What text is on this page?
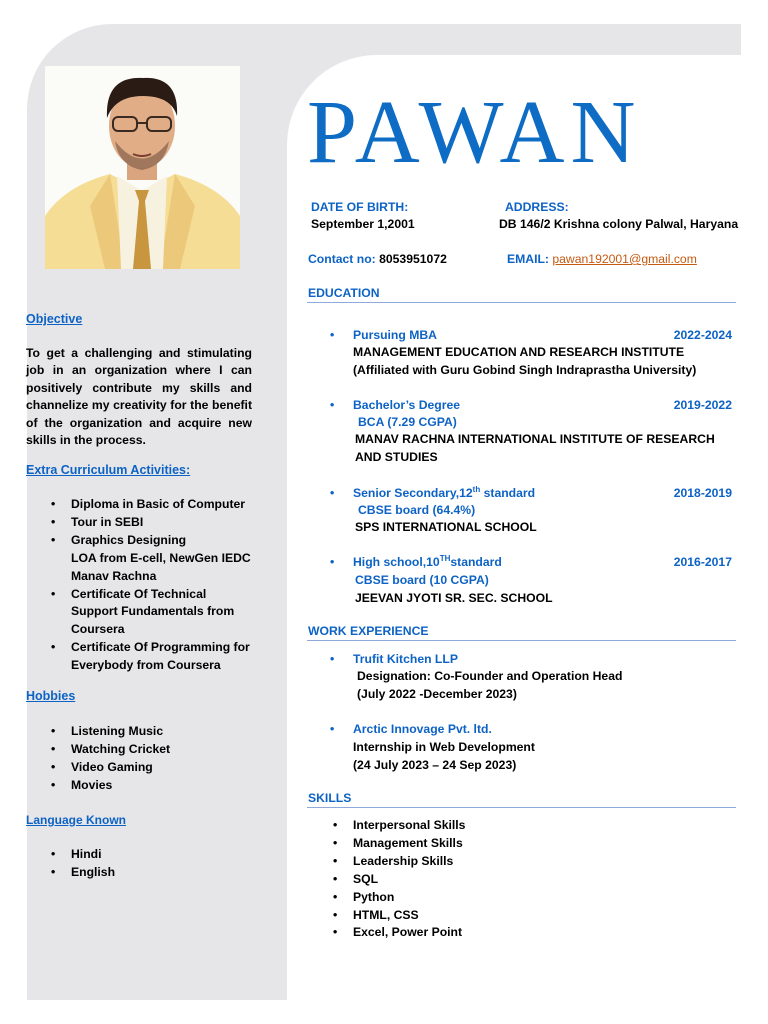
Objective
To get a challenging and stimulating job in an organization where I can positively contribute my skills and channelize my creativity for the benefit of the organization and acquire new skills in the process.
Extra Curriculum Activities:
• Diploma in Basic of Computer
• Tour in SEBI
• Graphics Designing
LOA from E-cell, NewGen IEDC
Manav Rachna
• Certificate Of Technical
Support Fundamentals from
Coursera
• Certificate Of Programming for
Everybody from Coursera
Hobbies
• Listening Music
• Watching Cricket
• Video Gaming
• Movies
Language Known
• Hindi
• English
PAWAN
DATE OF BIRTH:
September 1,2001
ADDRESS:
DB 146/2 Krishna colony Palwal, Haryana
Contact no: 8053951072	EMAIL: pawan192001@gmail.com
EDUCATION
• Pursuing MBA	2022-2024
MANAGEMENT EDUCATION AND RESEARCH INSTITUTE
(Affiliated with Guru Gobind Singh Indraprastha University)
• Bachelor’s Degree	2019-2022
BCA (7.29 CGPA)
MANAV RACHNA INTERNATIONAL INSTITUTE OF RESEARCH
AND STUDIES
• Senior Secondary,12th standard	2018-2019
CBSE board (64.4%)
SPS INTERNATIONAL SCHOOL
• High school,10THstandard	2016-2017
CBSE board (10 CGPA)
JEEVAN JYOTI SR. SEC. SCHOOL
WORK EXPERIENCE
• Trufit Kitchen LLP
Designation: Co-Founder and Operation Head
(July 2022 -December 2023)
• Arctic Innovage Pvt. ltd.
Internship in Web Development
(24 July 2023 – 24 Sep 2023)
SKILLS
• Interpersonal Skills
• Management Skills
• Leadership Skills
• SQL
• Python
• HTML, CSS
• Excel, Power Point
